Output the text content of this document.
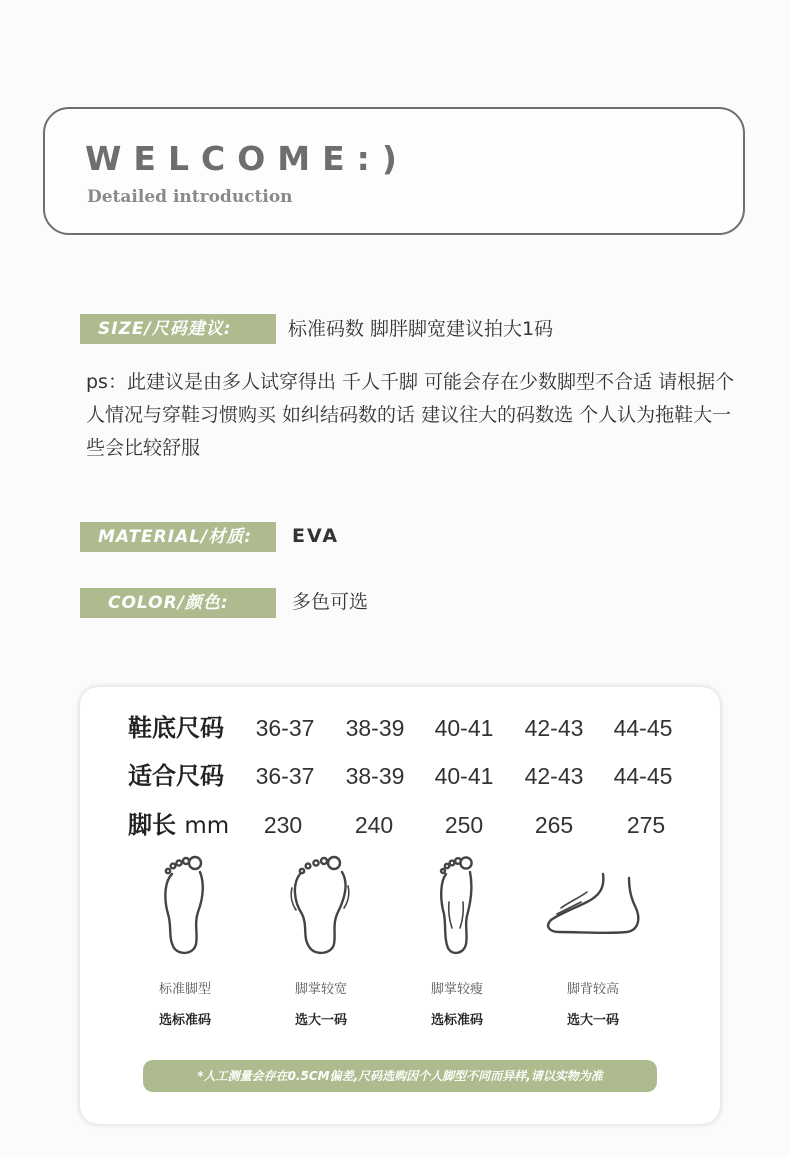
WELCOME:)
Detailed introduction
SIZE/尺码建议:	标准码数 脚胖脚宽建议拍大1码
ps：此建议是由多人试穿得出 千人千脚 可能会存在少数脚型不合适 请根据个人情况与穿鞋习惯购买 如纠结码数的话 建议往大的码数选 个人认为拖鞋大一些会比较舒服
MATERIAL/材质:	EVA
COLOR/颜色:	多色可选
鞋底尺码	36-37	38-39	40-41	42-43	44-45
适合尺码	36-37	38-39	40-41	42-43	44-45
脚长 mm	230	240	250	265	275
标准脚型
选标准码
脚掌较宽
选大一码
脚掌较瘦
选标准码
脚背较高
选大一码
*人工测量会存在0.5CM偏差,尺码选购因个人脚型不同而异样,请以实物为准
